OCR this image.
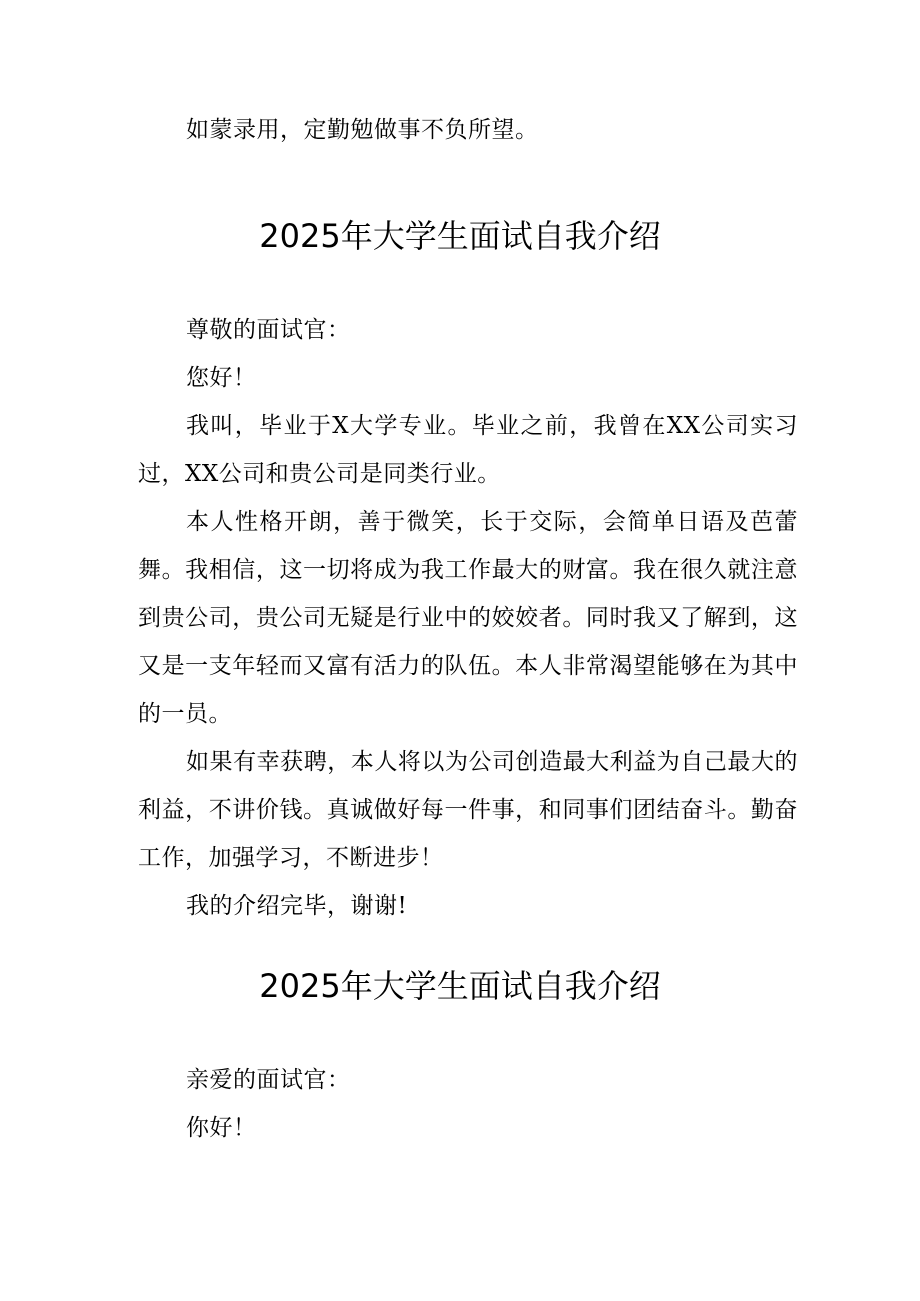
如蒙录用，定勤勉做事不负所望。

2025年大学生面试自我介绍

尊敬的面试官：

您好！

我叫，毕业于X大学专业。毕业之前，我曾在XX公司实习过，XX公司和贵公司是同类行业。

本人性格开朗，善于微笑，长于交际，会简单日语及芭蕾舞。我相信，这一切将成为我工作最大的财富。我在很久就注意到贵公司，贵公司无疑是行业中的姣姣者。同时我又了解到，这又是一支年轻而又富有活力的队伍。本人非常渴望能够在为其中的一员。

如果有幸获聘，本人将以为公司创造最大利益为自己最大的利益，不讲价钱。真诚做好每一件事，和同事们团结奋斗。勤奋工作，加强学习，不断进步！

我的介绍完毕，谢谢!

2025年大学生面试自我介绍

亲爱的面试官：

你好！
